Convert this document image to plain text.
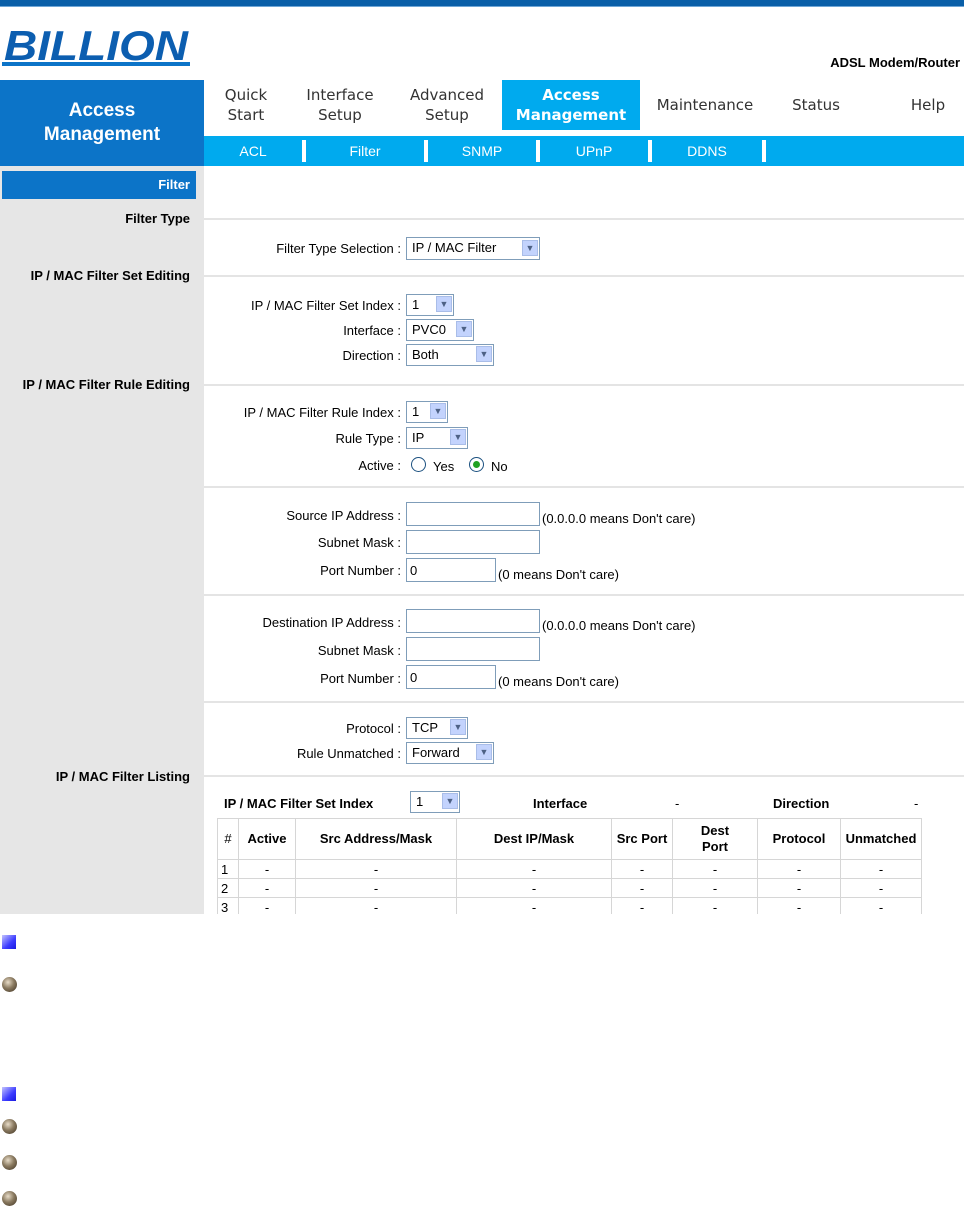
BILLION	ADSL Modem/Router
Access
Management
Quick
Start
Interface
Setup
Advanced
Setup
Access
Management
Maintenance	Status	Help
ACL	Filter	SNMP	UPnP	DDNS
Filter
Filter Type
IP / MAC Filter Set Editing
IP / MAC Filter Rule Editing
IP / MAC Filter Listing
Filter Type Selection : IP / MAC Filter	▼
IP / MAC Filter Set Index : 1	▼
Interface : PVC0	▼
Direction : Both	▼
IP / MAC Filter Rule Index : 1	▼
Rule Type : IP	▼
Active : Yes	No
Source IP Address :	(0.0.0.0 means Don't care)
Subnet Mask :
Port Number : 0	(0 means Don't care)
Destination IP Address :	(0.0.0.0 means Don't care)
Subnet Mask :
Port Number : 0	(0 means Don't care)
Protocol : TCP	▼
Rule Unmatched : Forward	▼
IP / MAC Filter Set Index	1	▼	Interface	-	Direction	-
#	Active	Src Address/Mask	Dest IP/Mask	Src Port	Dest Port	Protocol	Unmatched
1	-	-	-	-	-	-	-
2	-	-	-	-	-	-	-
3	-	-	-	-	-	-	-
